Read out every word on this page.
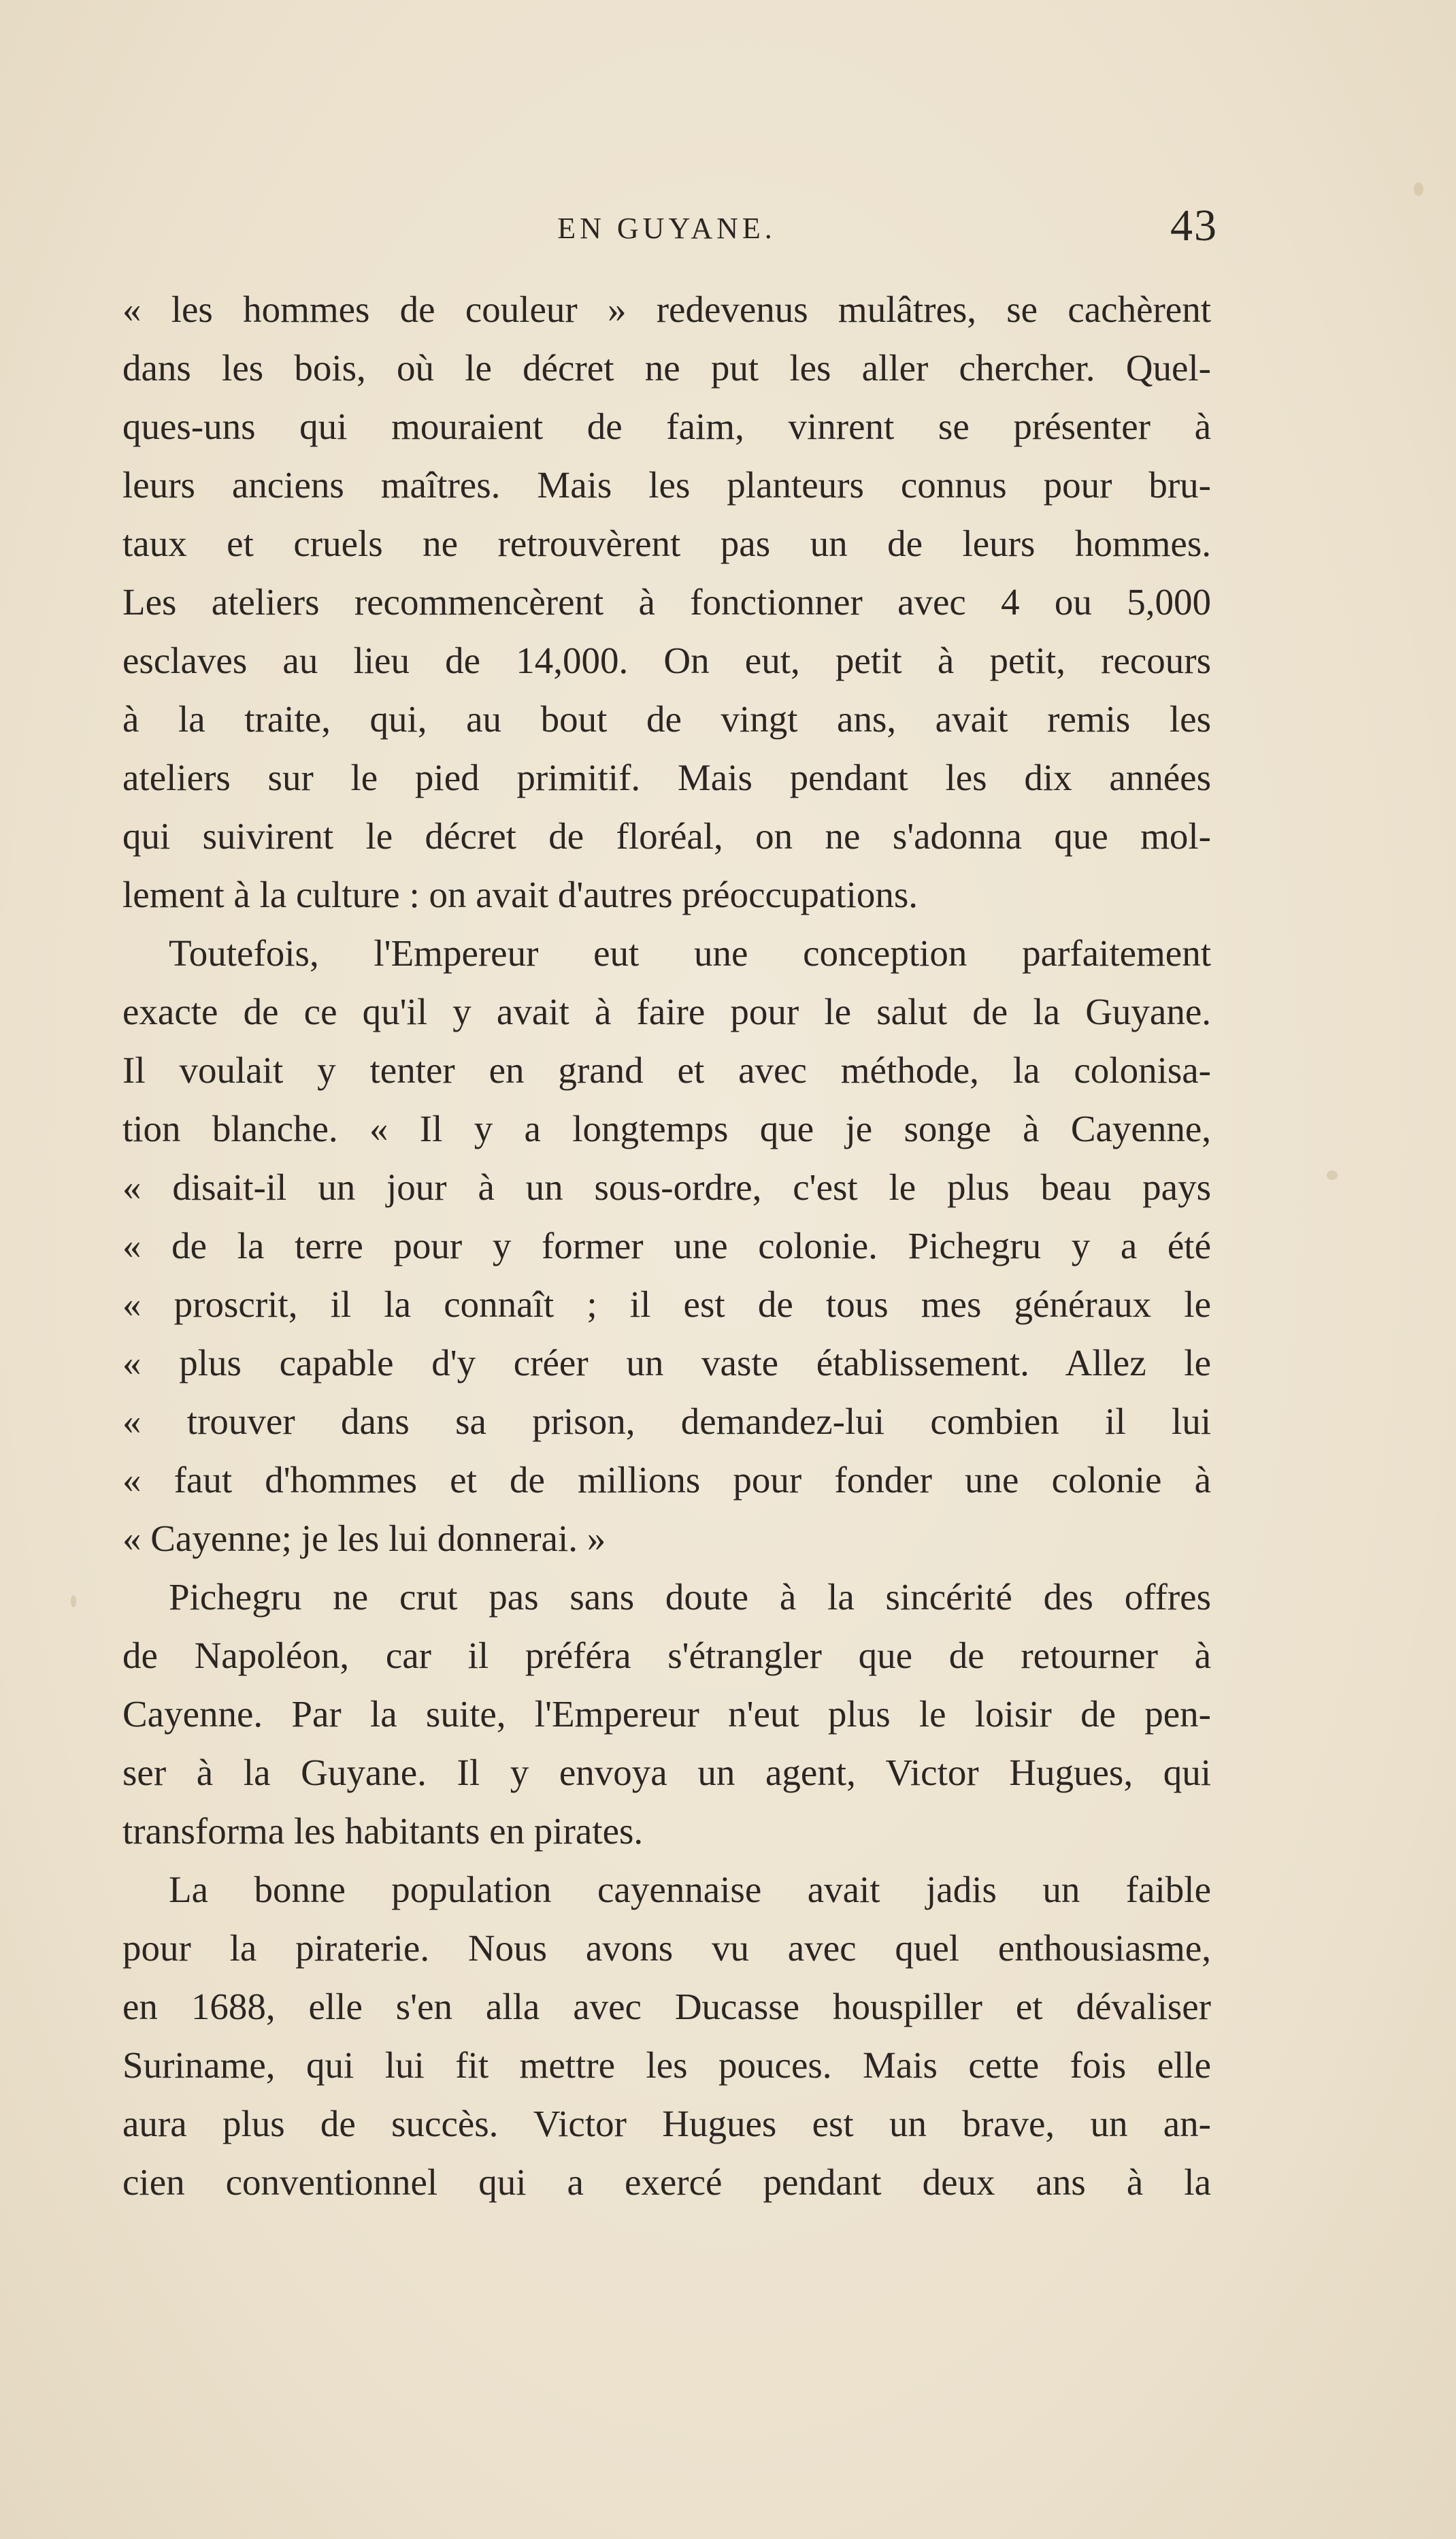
EN GUYANE.	43
« les hommes de couleur » redevenus mulâtres, se cachèrent
dans les bois, où le décret ne put les aller chercher. Quel-
ques-uns qui mouraient de faim, vinrent se présenter à
leurs anciens maîtres. Mais les planteurs connus pour bru-
taux et cruels ne retrouvèrent pas un de leurs hommes.
Les ateliers recommencèrent à fonctionner avec 4 ou 5,000
esclaves au lieu de 14,000. On eut, petit à petit, recours
à la traite, qui, au bout de vingt ans, avait remis les
ateliers sur le pied primitif. Mais pendant les dix années
qui suivirent le décret de floréal, on ne s'adonna que mol-
lement à la culture : on avait d'autres préoccupations.
Toutefois, l'Empereur eut une conception parfaitement
exacte de ce qu'il y avait à faire pour le salut de la Guyane.
Il voulait y tenter en grand et avec méthode, la colonisa-
tion blanche. « Il y a longtemps que je songe à Cayenne,
« disait-il un jour à un sous-ordre, c'est le plus beau pays
« de la terre pour y former une colonie. Pichegru y a été
« proscrit, il la connaît ; il est de tous mes généraux le
« plus capable d'y créer un vaste établissement. Allez le
« trouver dans sa prison, demandez-lui combien il lui
« faut d'hommes et de millions pour fonder une colonie à
« Cayenne; je les lui donnerai. »
Pichegru ne crut pas sans doute à la sincérité des offres
de Napoléon, car il préféra s'étrangler que de retourner à
Cayenne. Par la suite, l'Empereur n'eut plus le loisir de pen-
ser à la Guyane. Il y envoya un agent, Victor Hugues, qui
transforma les habitants en pirates.
La bonne population cayennaise avait jadis un faible
pour la piraterie. Nous avons vu avec quel enthousiasme,
en 1688, elle s'en alla avec Ducasse houspiller et dévaliser
Suriname, qui lui fit mettre les pouces. Mais cette fois elle
aura plus de succès. Victor Hugues est un brave, un an-
cien conventionnel qui a exercé pendant deux ans à la
